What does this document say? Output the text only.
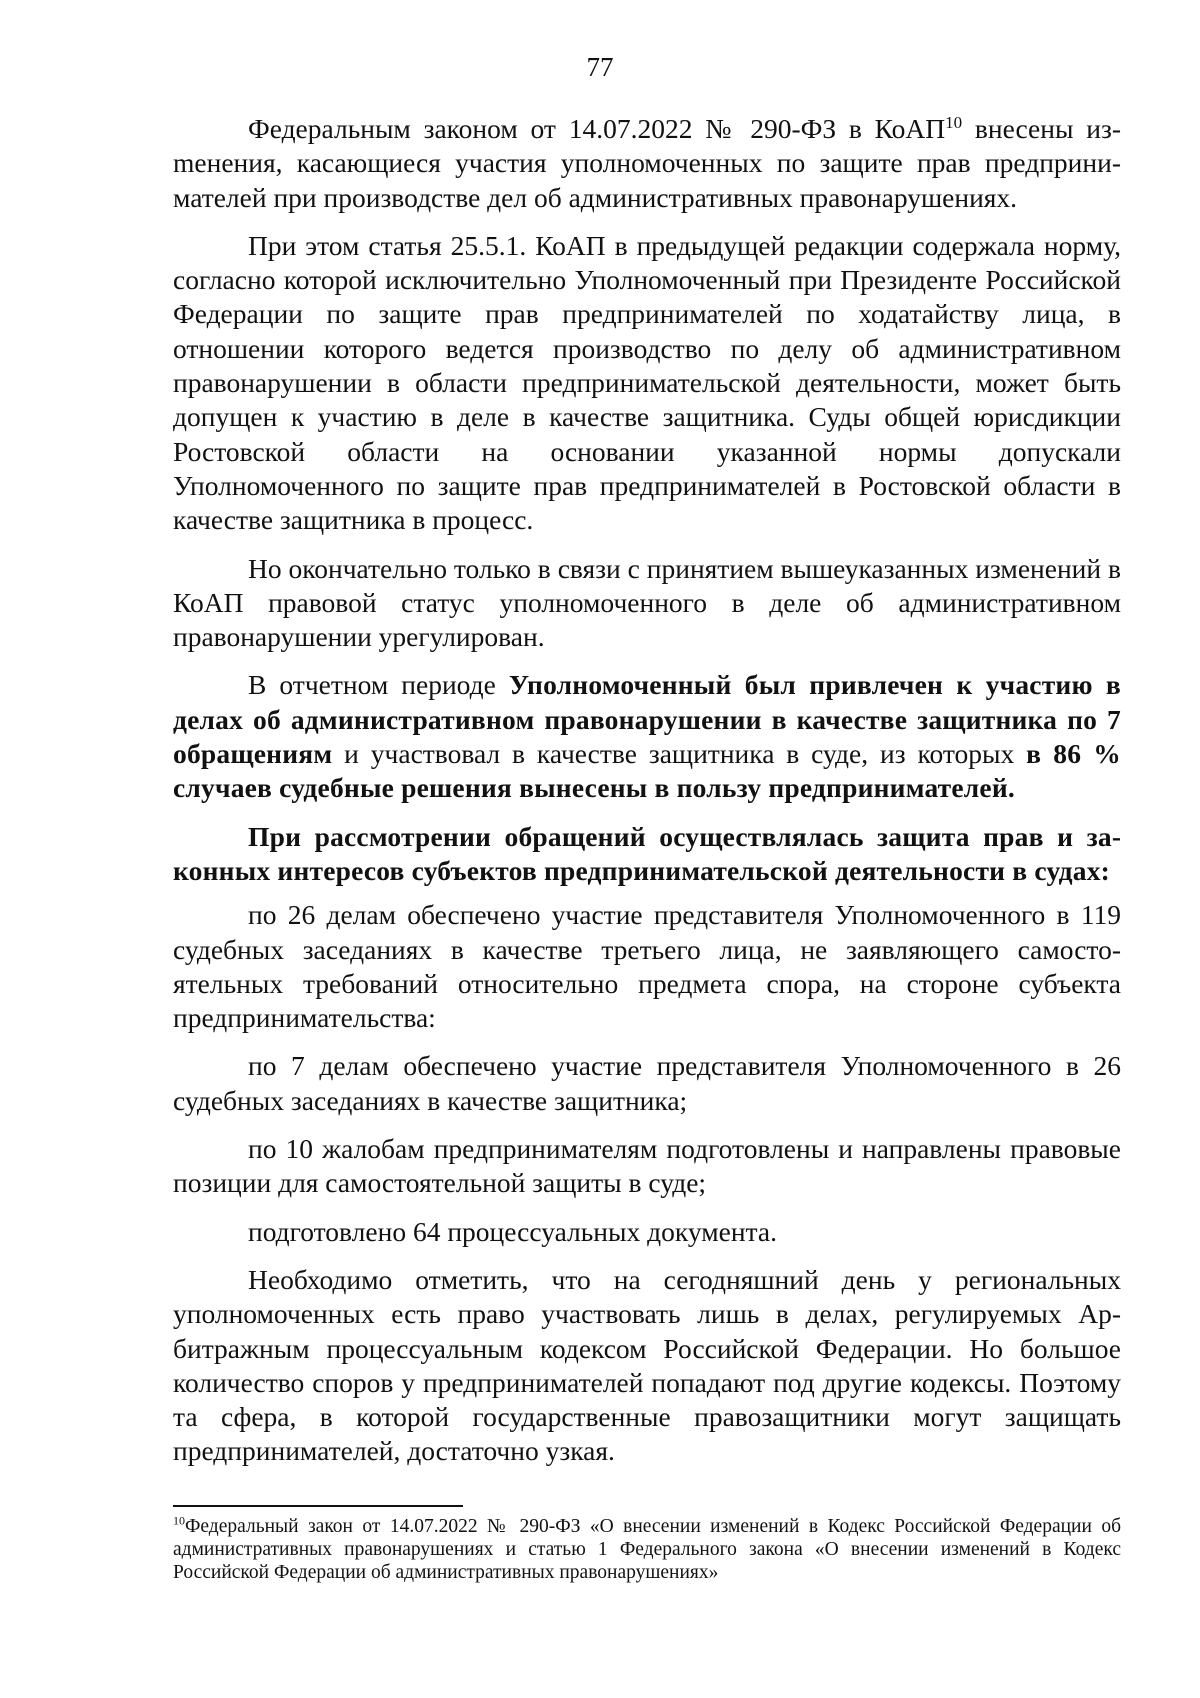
77

Федеральным законом от 14.07.2022 № 290-ФЗ в КоАП$^{10}$ внесены изmенения, касающиеся участия уполномоченных по защите прав предпринимателей при производстве дел об административных правонарушениях.

При этом статья 25.5.1. КоАП в предыдущей редакции содержала норму, согласно которой исключительно Уполномоченный при Президенте Российской Федерации по защите прав предпринимателей по ходатайству лица, в отношении которого ведется производство по делу об административном правонарушении в области предпринимательской деятельности, может быть допущен к участию в деле в качестве защитника. Суды общей юрисдикции Ростовской области на основании указанной нормы допускали Уполномоченного по защите прав предпринимателей в Ростовской области в качестве защитника в процесс.

Но окончательно только в связи с принятием вышеуказанных изменений в КоАП правовой статус уполномоченного в деле об административном правонарушении урегулирован.

В отчетном периоде Уполномоченный был привлечен к участию в делах об административном правонарушении в качестве защитника по 7 обращениям и участвовал в качестве защитника в суде, из которых в 86 % случаев судебные решения вынесены в пользу предпринимателей.

При рассмотрении обращений осуществлялась защита прав и законных интересов субъектов предпринимательской деятельности в судах:

по 26 делам обеспечено участие представителя Уполномоченного в 119 судебных заседаниях в качестве третьего лица, не заявляющего самостоятельных требований относительно предмета спора, на стороне субъекта предпринимательства:

по 7 делам обеспечено участие представителя Уполномоченного в 26 судебных заседаниях в качестве защитника;

по 10 жалобам предпринимателям подготовлены и направлены правовые позиции для самостоятельной защиты в суде;

подготовлено 64 процессуальных документа.

Необходимо отметить, что на сегодняшний день у региональных уполномоченных есть право участвовать лишь в делах, регулируемых Арбитражным процессуальным кодексом Российской Федерации. Но большое количество споров у предпринимателей попадают под другие кодексы. Поэтому та сфера, в которой государственные правозащитники могут защищать предпринимателей, достаточно узкая.

$^{10}$Федеральный закон от 14.07.2022 № 290-ФЗ «О внесении изменений в Кодекс Российской Федерации об административных правонарушениях и статью 1 Федерального закона «О внесении изменений в Кодекс Российской Федерации об административных правонарушениях»
